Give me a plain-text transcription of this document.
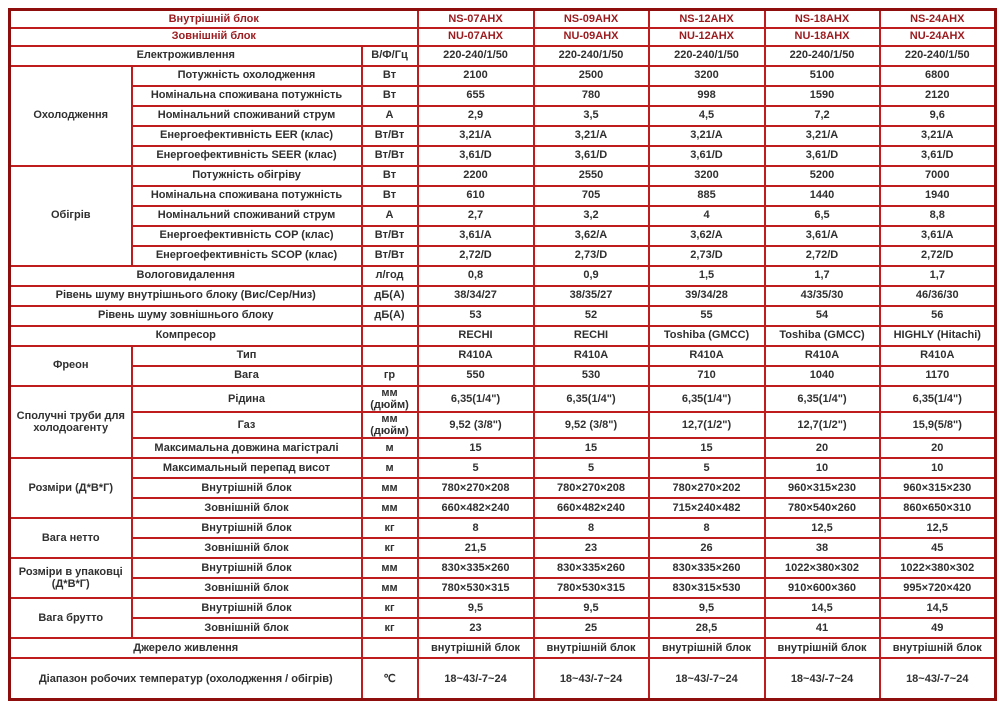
Внутрішній блок			NS-07AHX	NS-09AHX	NS-12AHX	NS-18AHX	NS-24AHX
Зовнішній блок			NU-07AHX	NU-09AHX	NU-12AHX	NU-18AHX	NU-24AHX
Електроживлення		В/Ф/Гц	220-240/1/50	220-240/1/50	220-240/1/50	220-240/1/50	220-240/1/50
Охолодження	Потужність охолодження	Вт	2100	2500	3200	5100	6800
	Номінальна споживана потужність	Вт	655	780	998	1590	2120
	Номінальний споживаний струм	А	2,9	3,5	4,5	7,2	9,6
	Енергоефективність EER (клас)	Вт/Вт	3,21/A	3,21/A	3,21/A	3,21/A	3,21/A
	Енергоефективність SEER (клас)	Вт/Вт	3,61/D	3,61/D	3,61/D	3,61/D	3,61/D
Обігрів	Потужність обігріву	Вт	2200	2550	3200	5200	7000
	Номінальна споживана потужність	Вт	610	705	885	1440	1940
	Номінальний споживаний струм	А	2,7	3,2	4	6,5	8,8
	Енергоефективність COP (клас)	Вт/Вт	3,61/A	3,62/A	3,62/A	3,61/A	3,61/A
	Енергоефективність SCOP (клас)	Вт/Вт	2,72/D	2,73/D	2,73/D	2,72/D	2,72/D
Вологовидалення		л/год	0,8	0,9	1,5	1,7	1,7
Рівень шуму внутрішнього блоку (Вис/Сер/Низ)		дБ(А)	38/34/27	38/35/27	39/34/28	43/35/30	46/36/30
Рівень шуму зовнішнього блоку		дБ(А)	53	52	55	54	56
Компресор			RECHI	RECHI	Toshiba (GMCC)	Toshiba (GMCC)	HIGHLY (Hitachi)
Фреон	Тип		R410A	R410A	R410A	R410A	R410A
	Вага	гр	550	530	710	1040	1170
Сполучні труби для холодоагенту	Рідина	мм (дюйм)	6,35(1/4")	6,35(1/4")	6,35(1/4")	6,35(1/4")	6,35(1/4")
	Газ	мм (дюйм)	9,52 (3/8")	9,52 (3/8")	12,7(1/2")	12,7(1/2")	15,9(5/8")
	Максимальна довжина магістралі	м	15	15	15	20	20
Розміри (Д*В*Г)	Максимальный перепад висот	м	5	5	5	10	10
	Внутрішній блок	мм	780×270×208	780×270×208	780×270×202	960×315×230	960×315×230
	Зовнішній блок	мм	660×482×240	660×482×240	715×240×482	780×540×260	860×650×310
Вага нетто	Внутрішній блок	кг	8	8	8	12,5	12,5
	Зовнішній блок	кг	21,5	23	26	38	45
Розміри в упаковці (Д*В*Г)	Внутрішній блок	мм	830×335×260	830×335×260	830×335×260	1022×380×302	1022×380×302
	Зовнішній блок	мм	780×530×315	780×530×315	830×315×530	910×600×360	995×720×420
Вага брутто	Внутрішній блок	кг	9,5	9,5	9,5	14,5	14,5
	Зовнішній блок	кг	23	25	28,5	41	49
Джерело живлення			внутрішній блок	внутрішній блок	внутрішній блок	внутрішній блок	внутрішній блок
Діапазон робочих температур (охолодження / обігрів)		℃	18~43/-7~24	18~43/-7~24	18~43/-7~24	18~43/-7~24	18~43/-7~24
